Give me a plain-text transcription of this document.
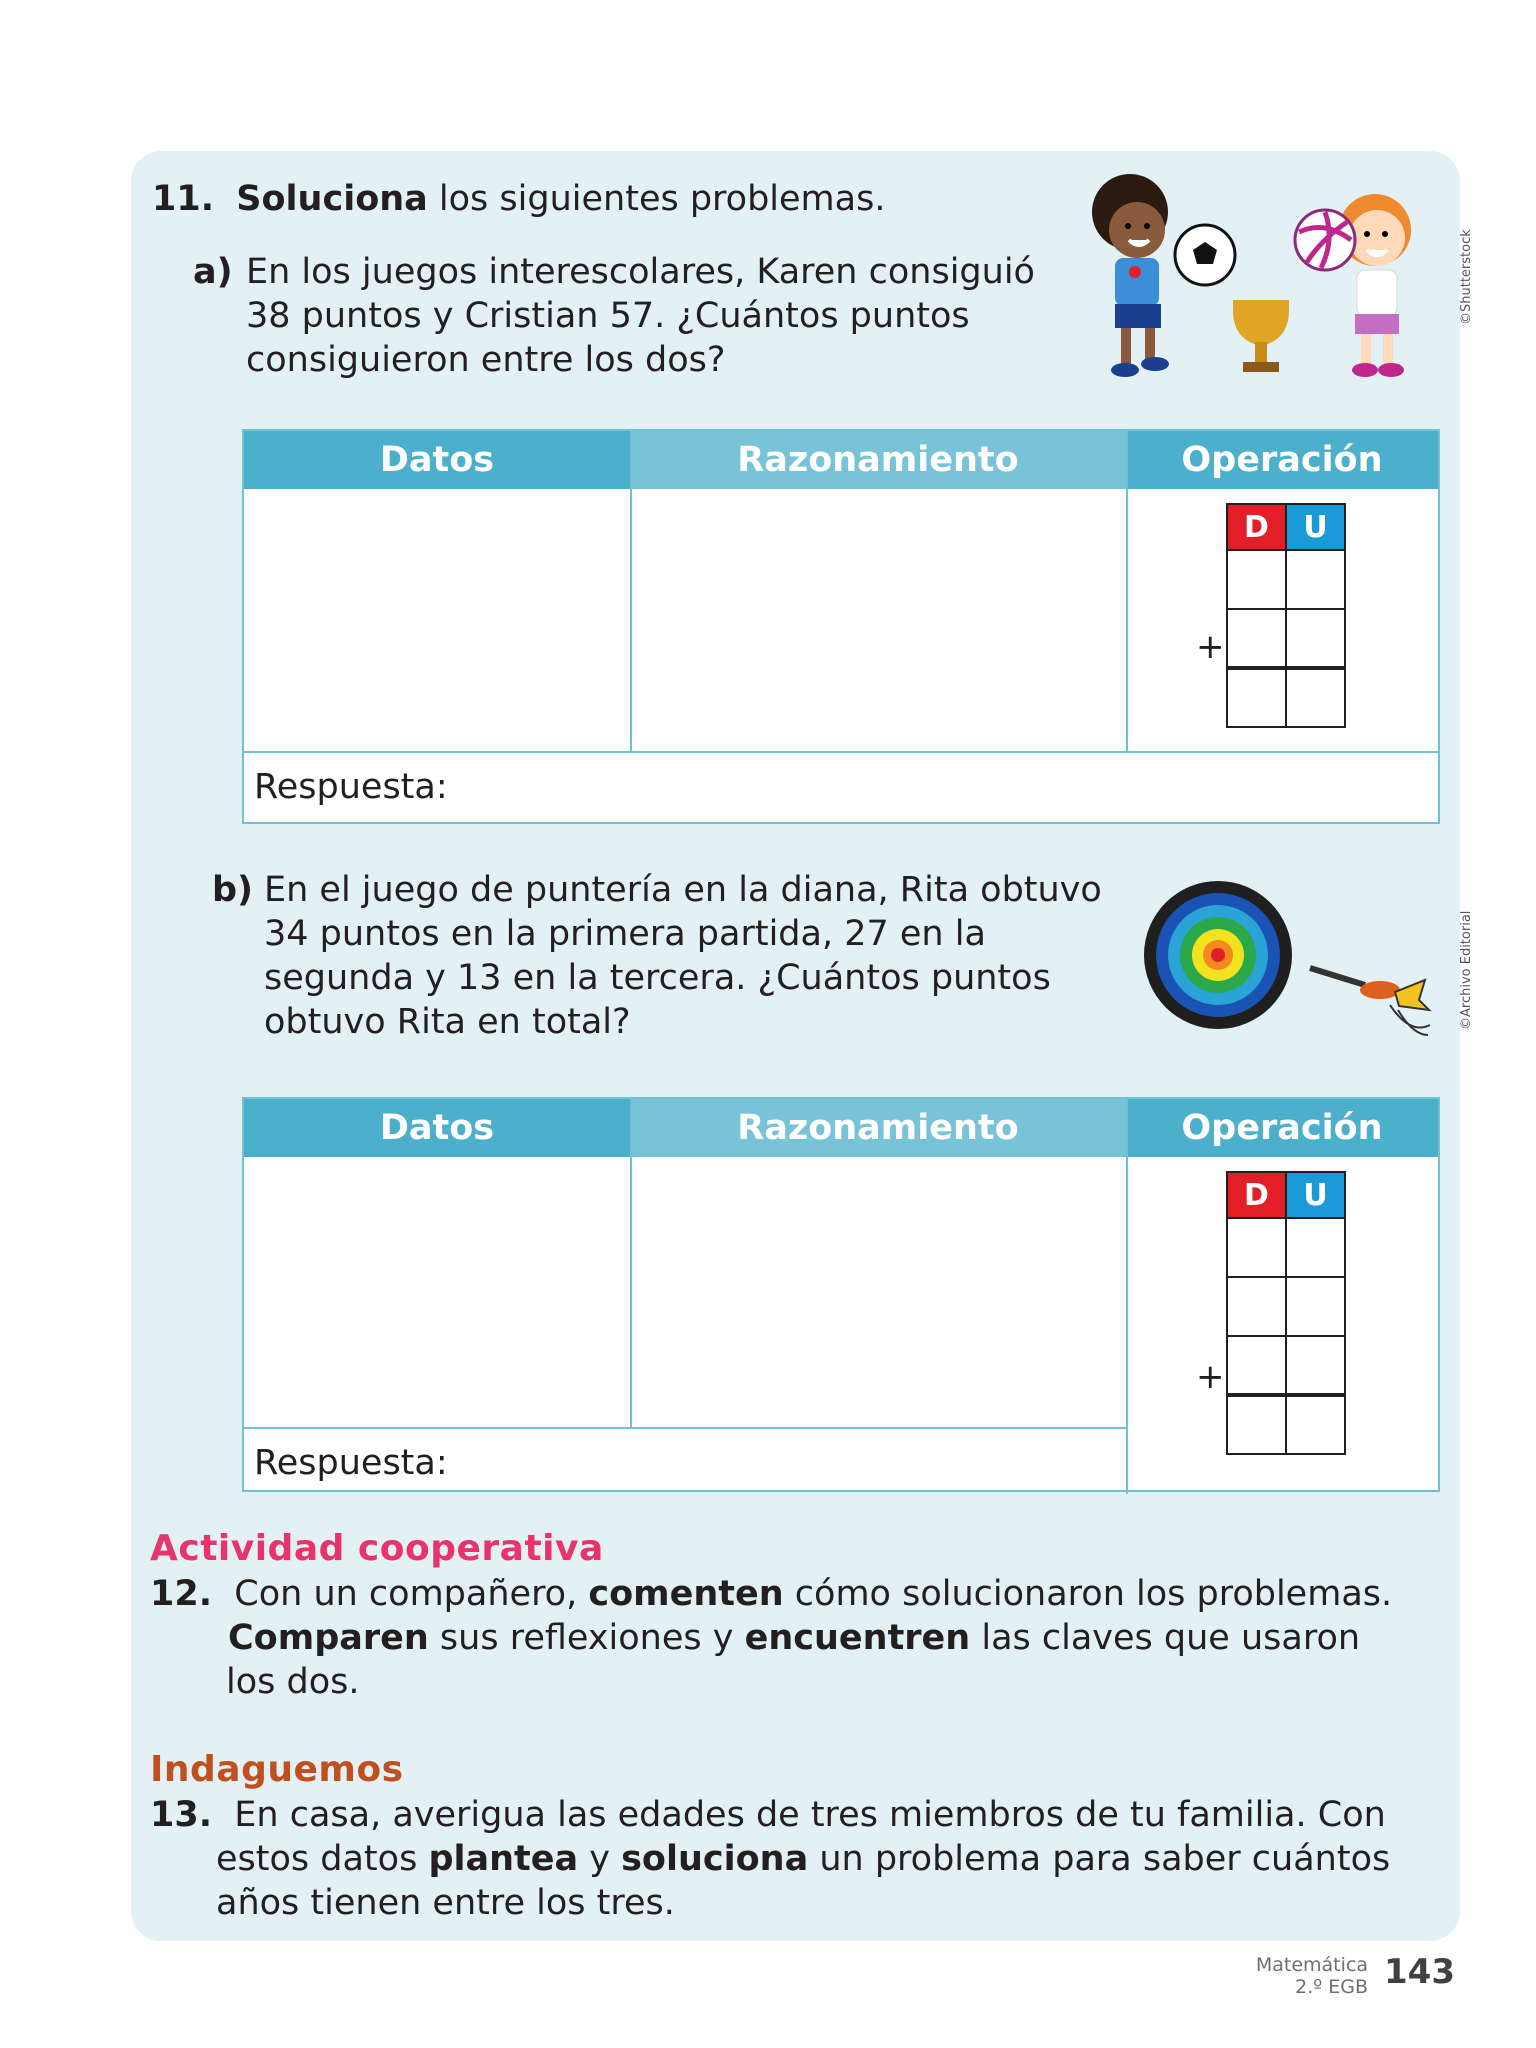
11. Soluciona los siguientes problemas.
a) En los juegos interescolares, Karen consiguió
38 puntos y Cristian 57. ¿Cuántos puntos
consiguieron entre los dos?
©Shutterstock
Datos	Razonamiento	Operación
Respuesta:
+
D	U

b) En el juego de puntería en la diana, Rita obtuvo
34 puntos en la primera partida, 27 en la
segunda y 13 en la tercera. ¿Cuántos puntos
obtuvo Rita en total?	©Archivo Editorial
Datos	Razonamiento	Operación
Respuesta:
+
D	U

Actividad cooperativa
12. Con un compañero, comenten cómo solucionaron los problemas.
Comparen sus reflexiones y encuentren las claves que usaron
los dos.
Indaguemos
13. En casa, averigua las edades de tres miembros de tu familia. Con
estos datos plantea y soluciona un problema para saber cuántos
años tienen entre los tres.
Matemática
2.º EGB 143
